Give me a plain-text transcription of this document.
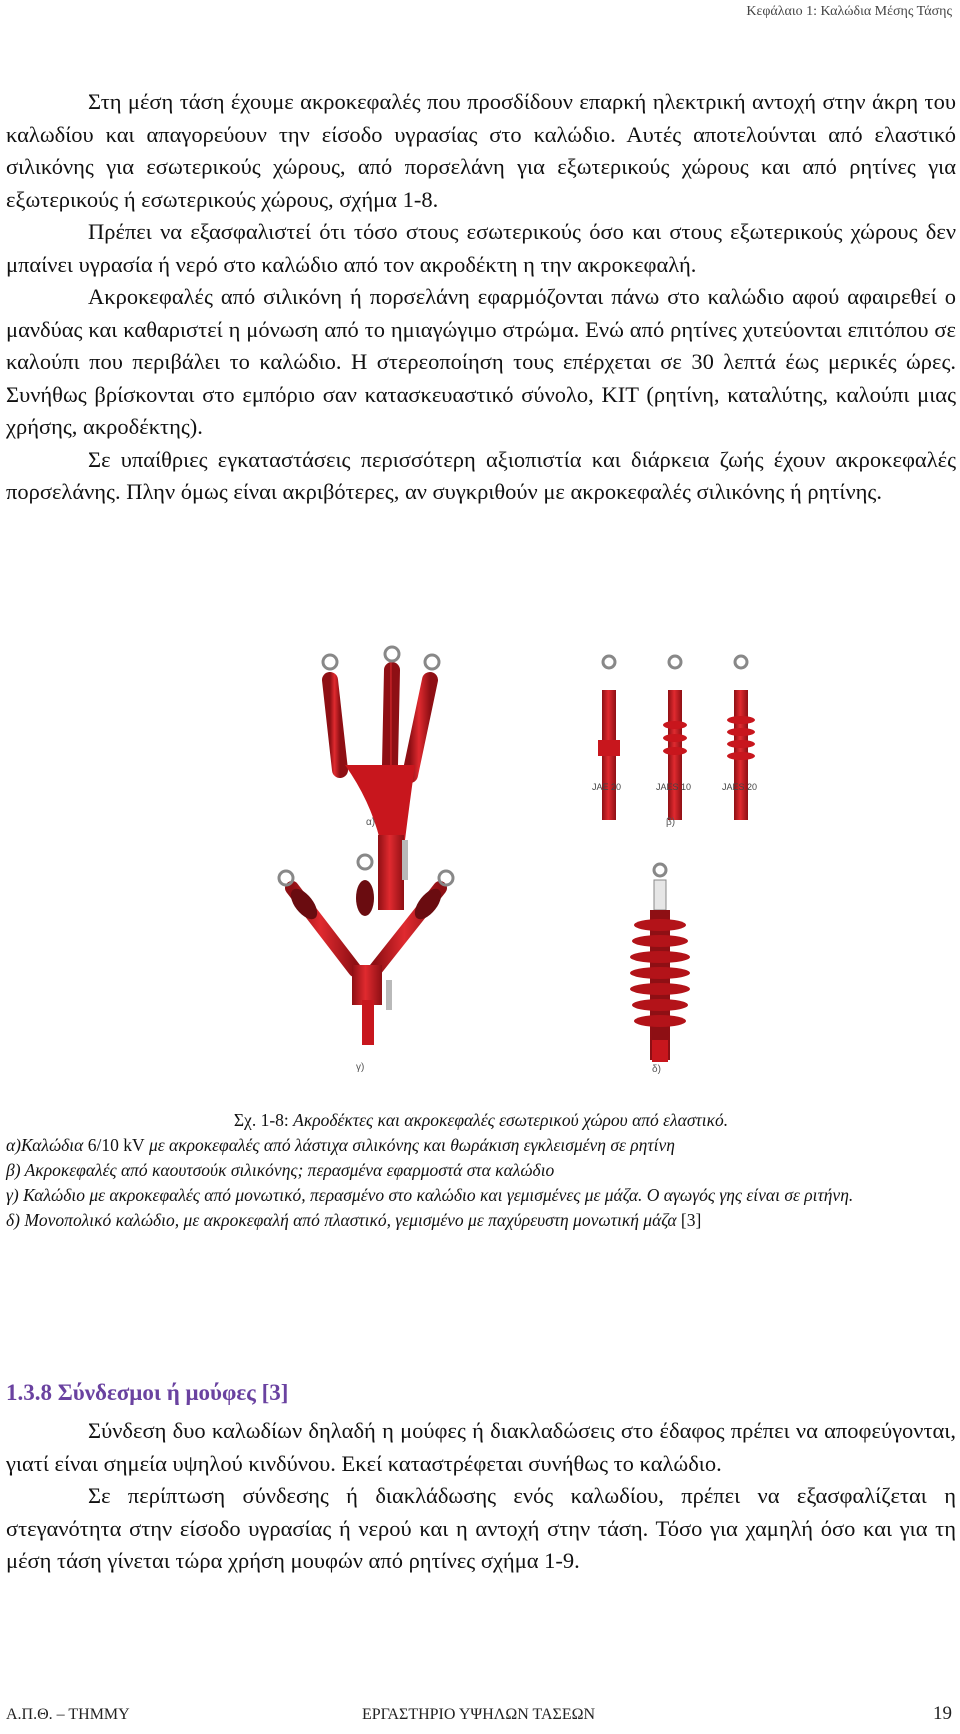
Κεφάλαιο 1: Καλώδια Μέσης Τάσης

Στη μέση τάση έχουμε ακροκεφαλές που προσδίδουν επαρκή ηλεκτρική αντοχή στην άκρη του καλωδίου και απαγορεύουν την είσοδο υγρασίας στο καλώδιο. Αυτές αποτελούνται από ελαστικό σιλικόνης για εσωτερικούς χώρους, από πορσελάνη για εξωτερικούς χώρους και από ρητίνες για εξωτερικούς ή εσωτερικούς χώρους, σχήμα 1-8.

Πρέπει να εξασφαλιστεί ότι τόσο στους εσωτερικούς όσο και στους εξωτερικούς χώρους δεν μπαίνει υγρασία ή νερό στο καλώδιο από τον ακροδέκτη η την ακροκεφαλή.

Ακροκεφαλές από σιλικόνη ή πορσελάνη εφαρμόζονται πάνω στο καλώδιο αφού αφαιρεθεί ο μανδύας και καθαριστεί η μόνωση από το ημιαγώγιμο στρώμα. Ενώ από ρητίνες χυτεύονται επιτόπου σε καλούπι που περιβάλει το καλώδιο. Η στερεοποίηση τους επέρχεται σε 30 λεπτά έως μερικές ώρες. Συνήθως βρίσκονται στο εμπόριο σαν κατασκευαστικό σύνολο, KIT (ρητίνη, καταλύτης, καλούπι μιας χρήσης, ακροδέκτης).

Σε υπαίθριες εγκαταστάσεις περισσότερη αξιοπιστία και διάρκεια ζωής έχουν ακροκεφαλές πορσελάνης. Πλην όμως είναι ακριβότερες, αν συγκριθούν με ακροκεφαλές σιλικόνης ή ρητίνης.

α)
JAE 20	JAES 10	JAES 20
β)
γ)	δ)
Σχ. 1-8: Ακροδέκτες και ακροκεφαλές εσωτερικού χώρου από ελαστικό.
α)Καλώδια 6/10 kV με ακροκεφαλές από λάστιχα σιλικόνης και θωράκιση εγκλεισμένη σε ρητίνη
β) Ακροκεφαλές από καουτσούκ σιλικόνης; περασμένα εφαρμοστά στα καλώδιο
γ) Καλώδιο με ακροκεφαλές από μονωτικό, περασμένο στο καλώδιο και γεμισμένες με μάζα. Ο αγωγός γης είναι σε ριτήνη.
δ) Μονοπολικό καλώδιο, με ακροκεφαλή από πλαστικό, γεμισμένο με παχύρευστη μονωτική μάζα [3]
1.3.8 Σύνδεσμοι ή μούφες [3]

Σύνδεση δυο καλωδίων δηλαδή η μούφες ή διακλαδώσεις στο έδαφος πρέπει να αποφεύγονται, γιατί είναι σημεία υψηλού κινδύνου. Εκεί καταστρέφεται συνήθως το καλώδιο.

Σε περίπτωση σύνδεσης ή διακλάδωσης ενός καλωδίου, πρέπει να εξασφαλίζεται η στεγανότητα στην είσοδο υγρασίας ή νερού και η αντοχή στην τάση. Τόσο για χαμηλή όσο και για τη μέση τάση γίνεται τώρα χρήση μουφών από ρητίνες σχήμα 1-9.

Α.Π.Θ. – ΤΗΜΜΥ	ΕΡΓΑΣΤΗΡΙΟ ΥΨΗΛΩΝ ΤΑΣΕΩΝ	19
